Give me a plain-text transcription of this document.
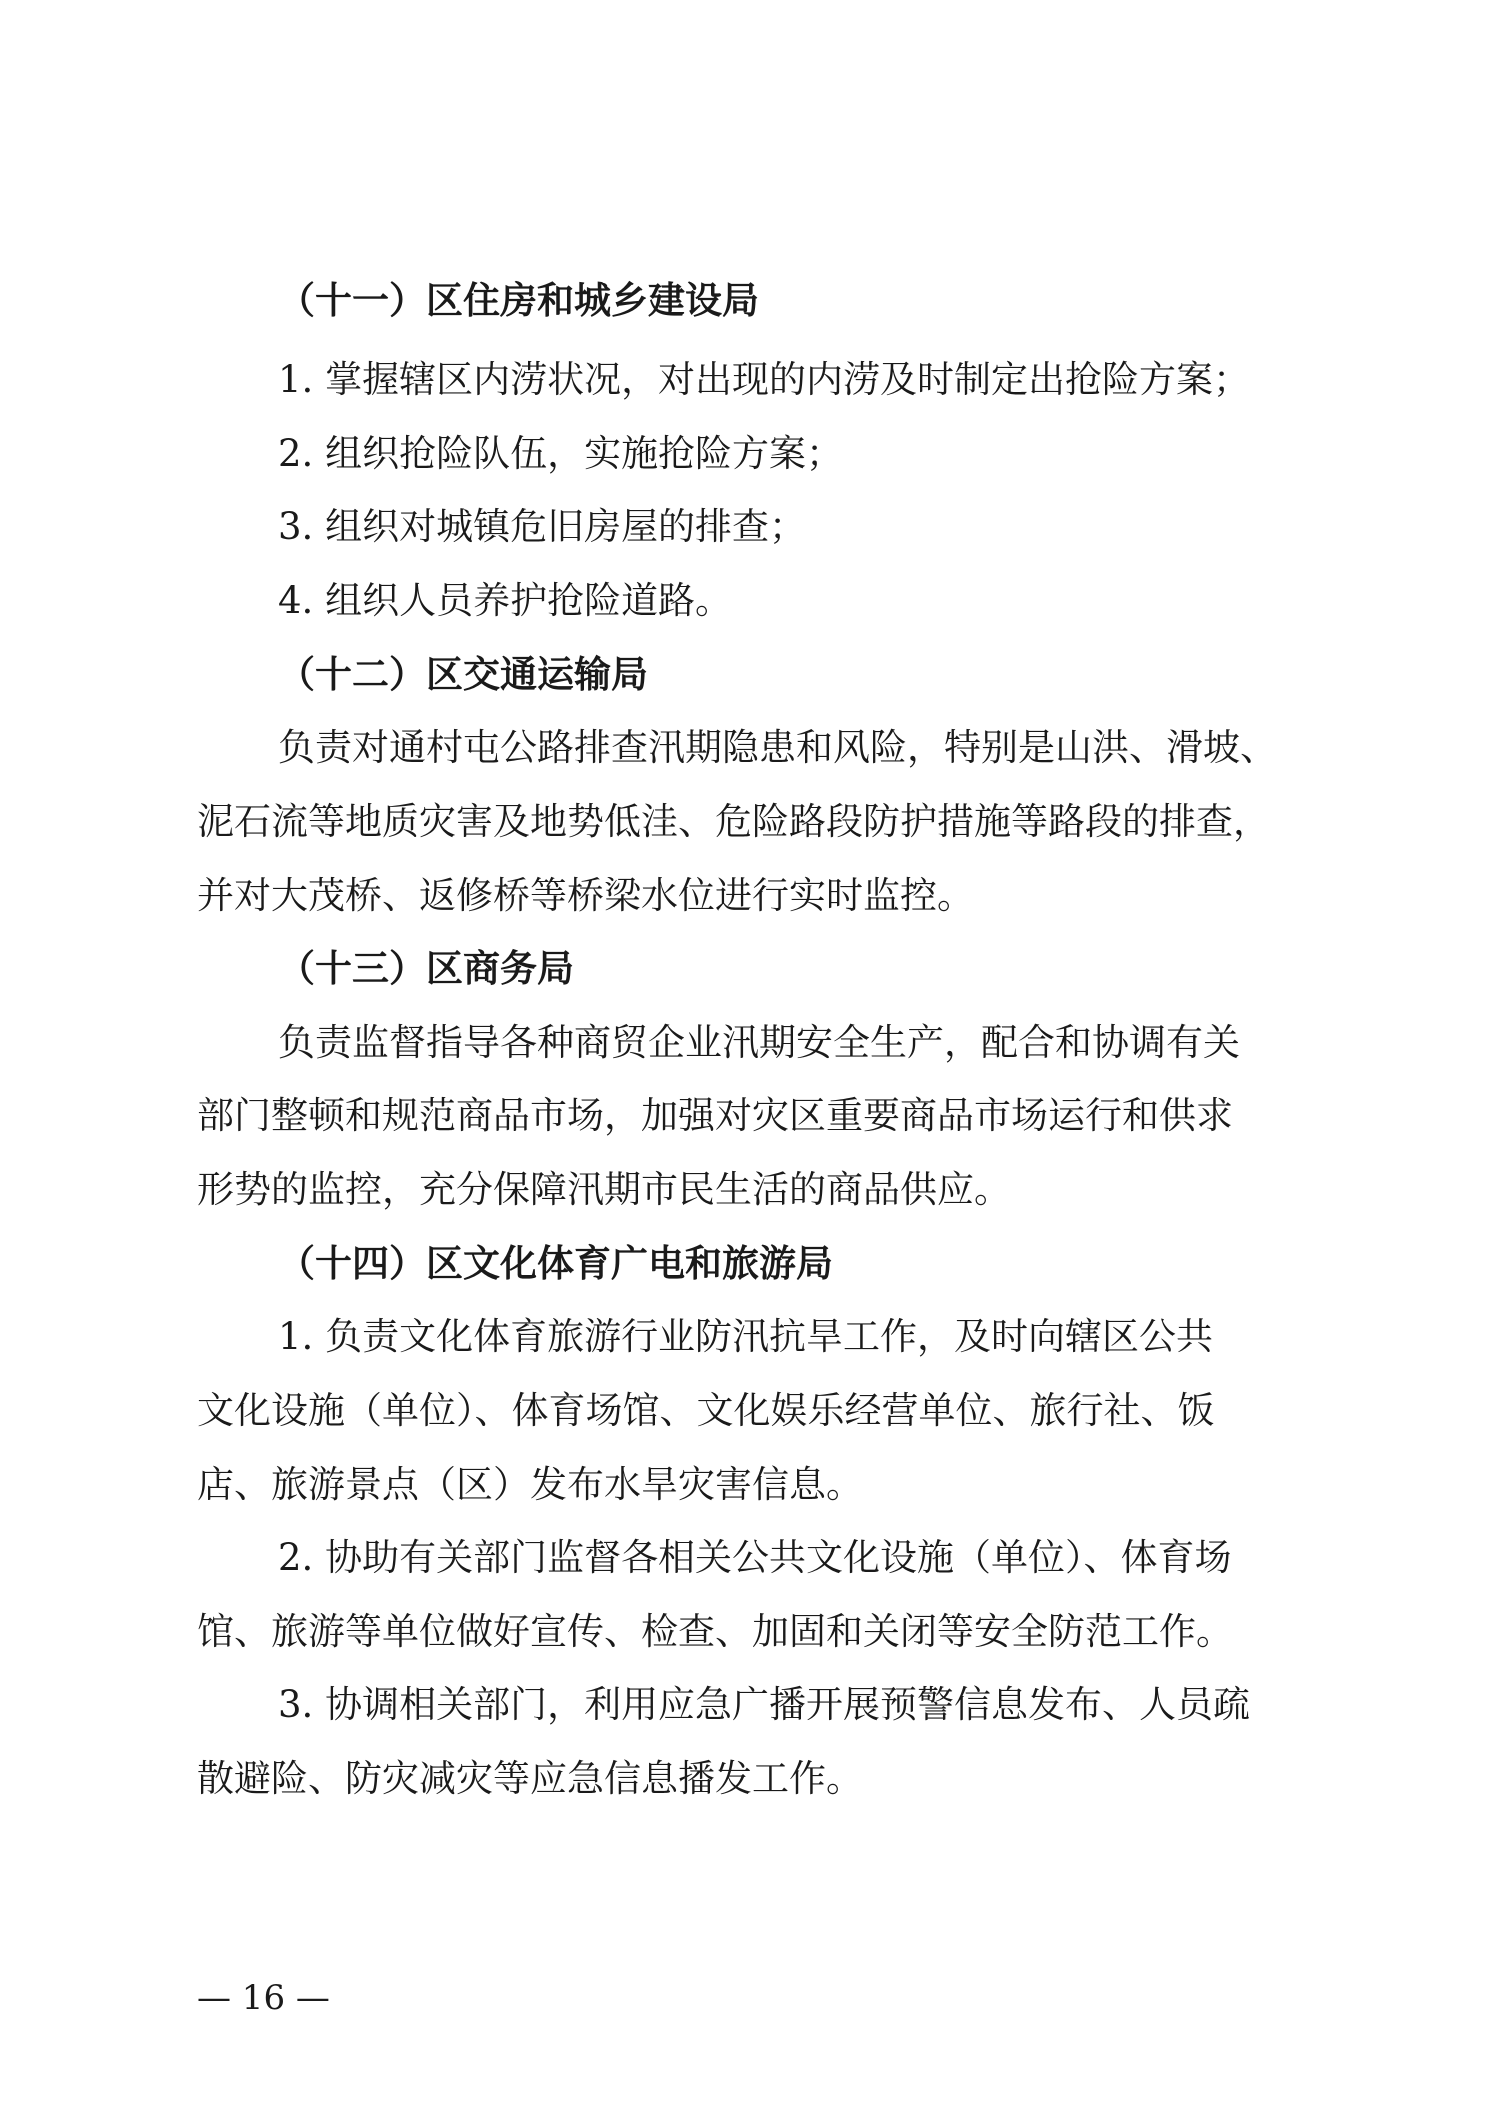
（十一）区住房和城乡建设局
1. 掌握辖区内涝状况，对出现的内涝及时制定出抢险方案；
2. 组织抢险队伍，实施抢险方案；
3. 组织对城镇危旧房屋的排查；
4. 组织人员养护抢险道路。
（十二）区交通运输局
负责对通村屯公路排查汛期隐患和风险，特别是山洪、滑坡、
泥石流等地质灾害及地势低洼、危险路段防护措施等路段的排查，
并对大茂桥、返修桥等桥梁水位进行实时监控。
（十三）区商务局
负责监督指导各种商贸企业汛期安全生产，配合和协调有关
部门整顿和规范商品市场，加强对灾区重要商品市场运行和供求
形势的监控，充分保障汛期市民生活的商品供应。
（十四）区文化体育广电和旅游局
1. 负责文化体育旅游行业防汛抗旱工作，及时向辖区公共
文化设施（单位）、体育场馆、文化娱乐经营单位、旅行社、饭
店、旅游景点（区）发布水旱灾害信息。
2. 协助有关部门监督各相关公共文化设施（单位）、体育场
馆、旅游等单位做好宣传、检查、加固和关闭等安全防范工作。
3. 协调相关部门，利用应急广播开展预警信息发布、人员疏
散避险、防灾减灾等应急信息播发工作。
— 16 —
